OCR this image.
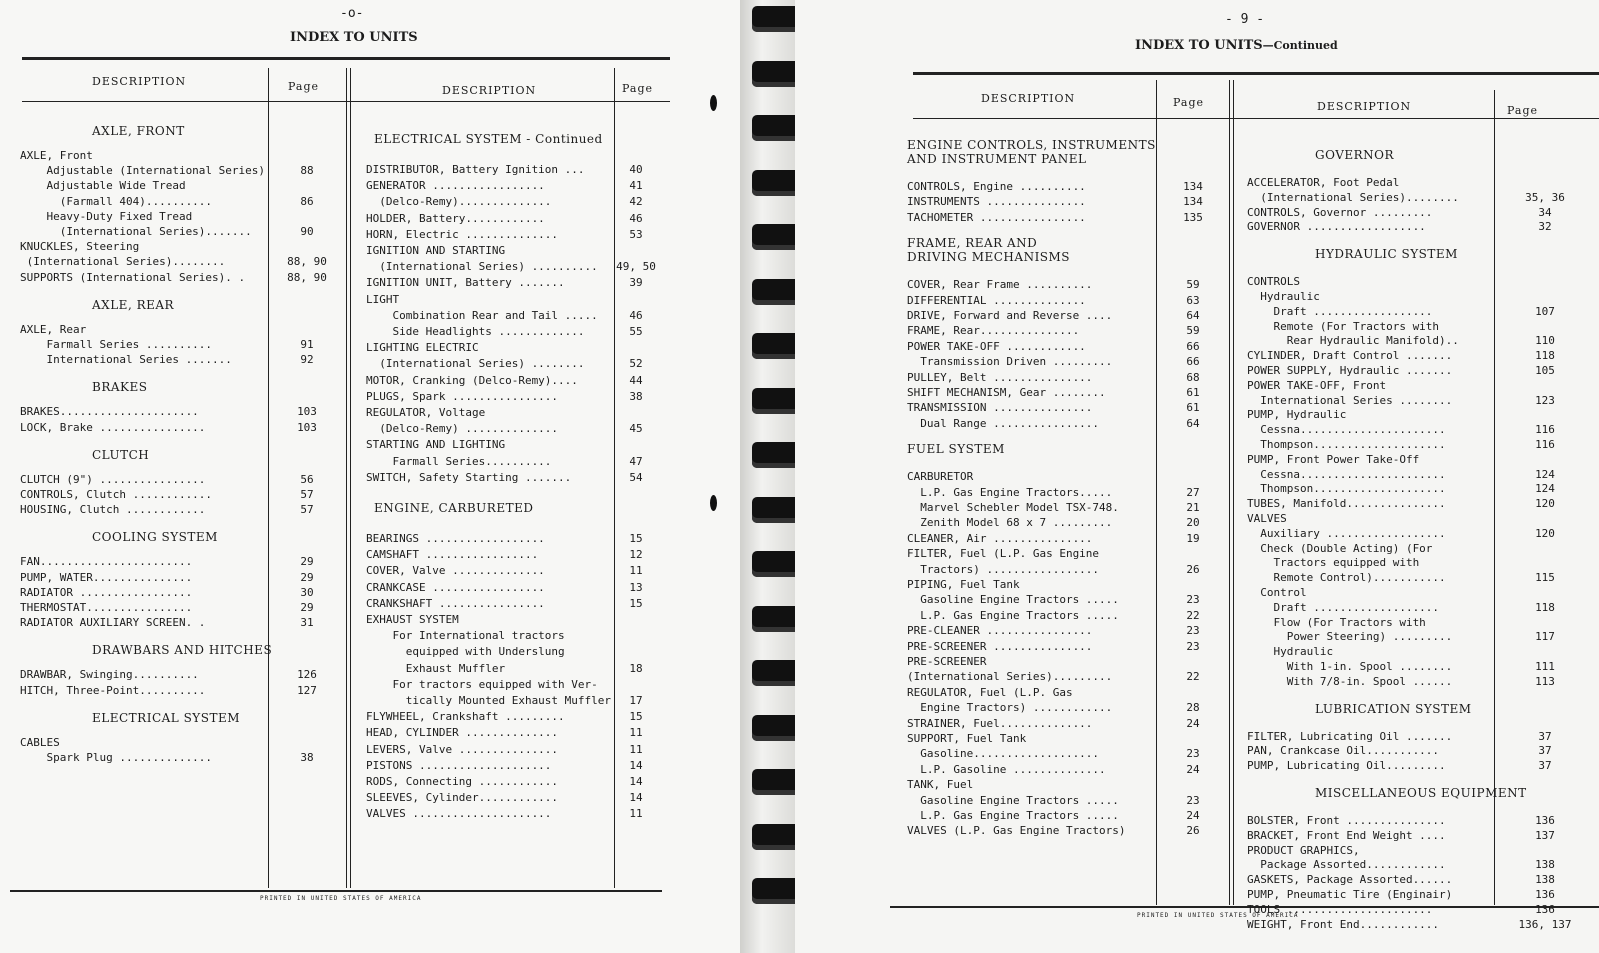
-o-
INDEX TO UNITS
DESCRIPTION	Page	DESCRIPTION	Page
AXLE, FRONT
AXLE, Front
Adjustable (International Series)	88
Adjustable Wide Tread
(Farmall 404)..........	86
Heavy-Duty Fixed Tread
(International Series).......	90
KNUCKLES, Steering
(International Series)........	88, 90
SUPPORTS (International Series). .	88, 90
AXLE, REAR
AXLE, Rear
Farmall Series ..........	91
International Series .......	92
BRAKES
BRAKES.....................	103
LOCK, Brake ................	103
CLUTCH
CLUTCH (9") ................	56
CONTROLS, Clutch ............	57
HOUSING, Clutch ............	57
COOLING SYSTEM
FAN.......................	29
PUMP, WATER...............	29
RADIATOR .................	30
THERMOSTAT................	29
RADIATOR AUXILIARY SCREEN. .	31
DRAWBARS AND HITCHES
DRAWBAR, Swinging..........	126
HITCH, Three-Point..........	127
ELECTRICAL SYSTEM
CABLES
Spark Plug ..............	38
ELECTRICAL SYSTEM - Continued
DISTRIBUTOR, Battery Ignition ...	40
GENERATOR .................	41
(Delco-Remy)..............	42
HOLDER, Battery............	46
HORN, Electric ..............	53
IGNITION AND STARTING
(International Series) .......... 49, 50
IGNITION UNIT, Battery .......	39
LIGHT
Combination Rear and Tail .....	46
Side Headlights .............	55
LIGHTING ELECTRIC
(International Series) ........	52
MOTOR, Cranking (Delco-Remy)....	44
PLUGS, Spark ................	38
REGULATOR, Voltage
(Delco-Remy) ..............	45
STARTING AND LIGHTING
Farmall Series..........	47
SWITCH, Safety Starting .......	54
ENGINE, CARBURETED
BEARINGS ..................	15
CAMSHAFT .................	12
COVER, Valve ..............	11
CRANKCASE .................	13
CRANKSHAFT ................	15
EXHAUST SYSTEM
For International tractors
equipped with Underslung
Exhaust Muffler	18
For tractors equipped with Ver-
tically Mounted Exhaust Muffler	17
FLYWHEEL, Crankshaft .........	15
HEAD, CYLINDER ..............	11
LEVERS, Valve ...............	11
PISTONS ....................	14
RODS, Connecting ............	14
SLEEVES, Cylinder............	14
VALVES .....................	11
PRINTED IN UNITED STATES OF AMERICA
- 9 -
INDEX TO UNITS—Continued
DESCRIPTION	Page	DESCRIPTION	Page
ENGINE CONTROLS, INSTRUMENTS
AND INSTRUMENT PANEL
CONTROLS, Engine ..........	134
INSTRUMENTS ...............	134
TACHOMETER ................	135
FRAME, REAR AND
DRIVING MECHANISMS
COVER, Rear Frame ..........	59
DIFFERENTIAL ..............	63
DRIVE, Forward and Reverse ....	64
FRAME, Rear...............	59
POWER TAKE-OFF ............	66
Transmission Driven .........	66
PULLEY, Belt ...............	68
SHIFT MECHANISM, Gear ........	61
TRANSMISSION ...............	61
Dual Range ................	64
FUEL SYSTEM
CARBURETOR
L.P. Gas Engine Tractors.....	27
Marvel Schebler Model TSX-748.	21
Zenith Model 68 x 7 .........	20
CLEANER, Air ...............	19
FILTER, Fuel (L.P. Gas Engine
Tractors) .................	26
PIPING, Fuel Tank
Gasoline Engine Tractors .....	23
L.P. Gas Engine Tractors .....	22
PRE-CLEANER ................	23
PRE-SCREENER ...............	23
PRE-SCREENER
(International Series).........	22
REGULATOR, Fuel (L.P. Gas
Engine Tractors) ............	28
STRAINER, Fuel..............	24
SUPPORT, Fuel Tank
Gasoline...................	23
L.P. Gasoline ..............	24
TANK, Fuel
Gasoline Engine Tractors .....	23
L.P. Gas Engine Tractors .....	24
VALVES (L.P. Gas Engine Tractors)	26
GOVERNOR
ACCELERATOR, Foot Pedal
(International Series)........	35, 36
CONTROLS, Governor .........	34
GOVERNOR ..................	32
HYDRAULIC SYSTEM
CONTROLS
Hydraulic
Draft ..................	107
Remote (For Tractors with
Rear Hydraulic Manifold)..	110
CYLINDER, Draft Control .......	118
POWER SUPPLY, Hydraulic .......	105
POWER TAKE-OFF, Front
International Series ........	123
PUMP, Hydraulic
Cessna......................	116
Thompson....................	116
PUMP, Front Power Take-Off
Cessna......................	124
Thompson....................	124
TUBES, Manifold...............	120
VALVES
Auxiliary ..................	120
Check (Double Acting) (For
Tractors equipped with
Remote Control)...........	115
Control
Draft ...................	118
Flow (For Tractors with
Power Steering) .........	117
Hydraulic
With 1-in. Spool ........	111
With 7/8-in. Spool ......	113
LUBRICATION SYSTEM
FILTER, Lubricating Oil .......	37
PAN, Crankcase Oil...........	37
PUMP, Lubricating Oil.........	37
MISCELLANEOUS EQUIPMENT
BOLSTER, Front ...............	136
BRACKET, Front End Weight ....	137
PRODUCT GRAPHICS,
Package Assorted............	138
GASKETS, Package Assorted......	138
PUMP, Pneumatic Tire (Enginair)	136
TOOLS ......................	136
WEIGHT, Front End............	136, 137
PRINTED IN UNITED STATES OF AMERICA
